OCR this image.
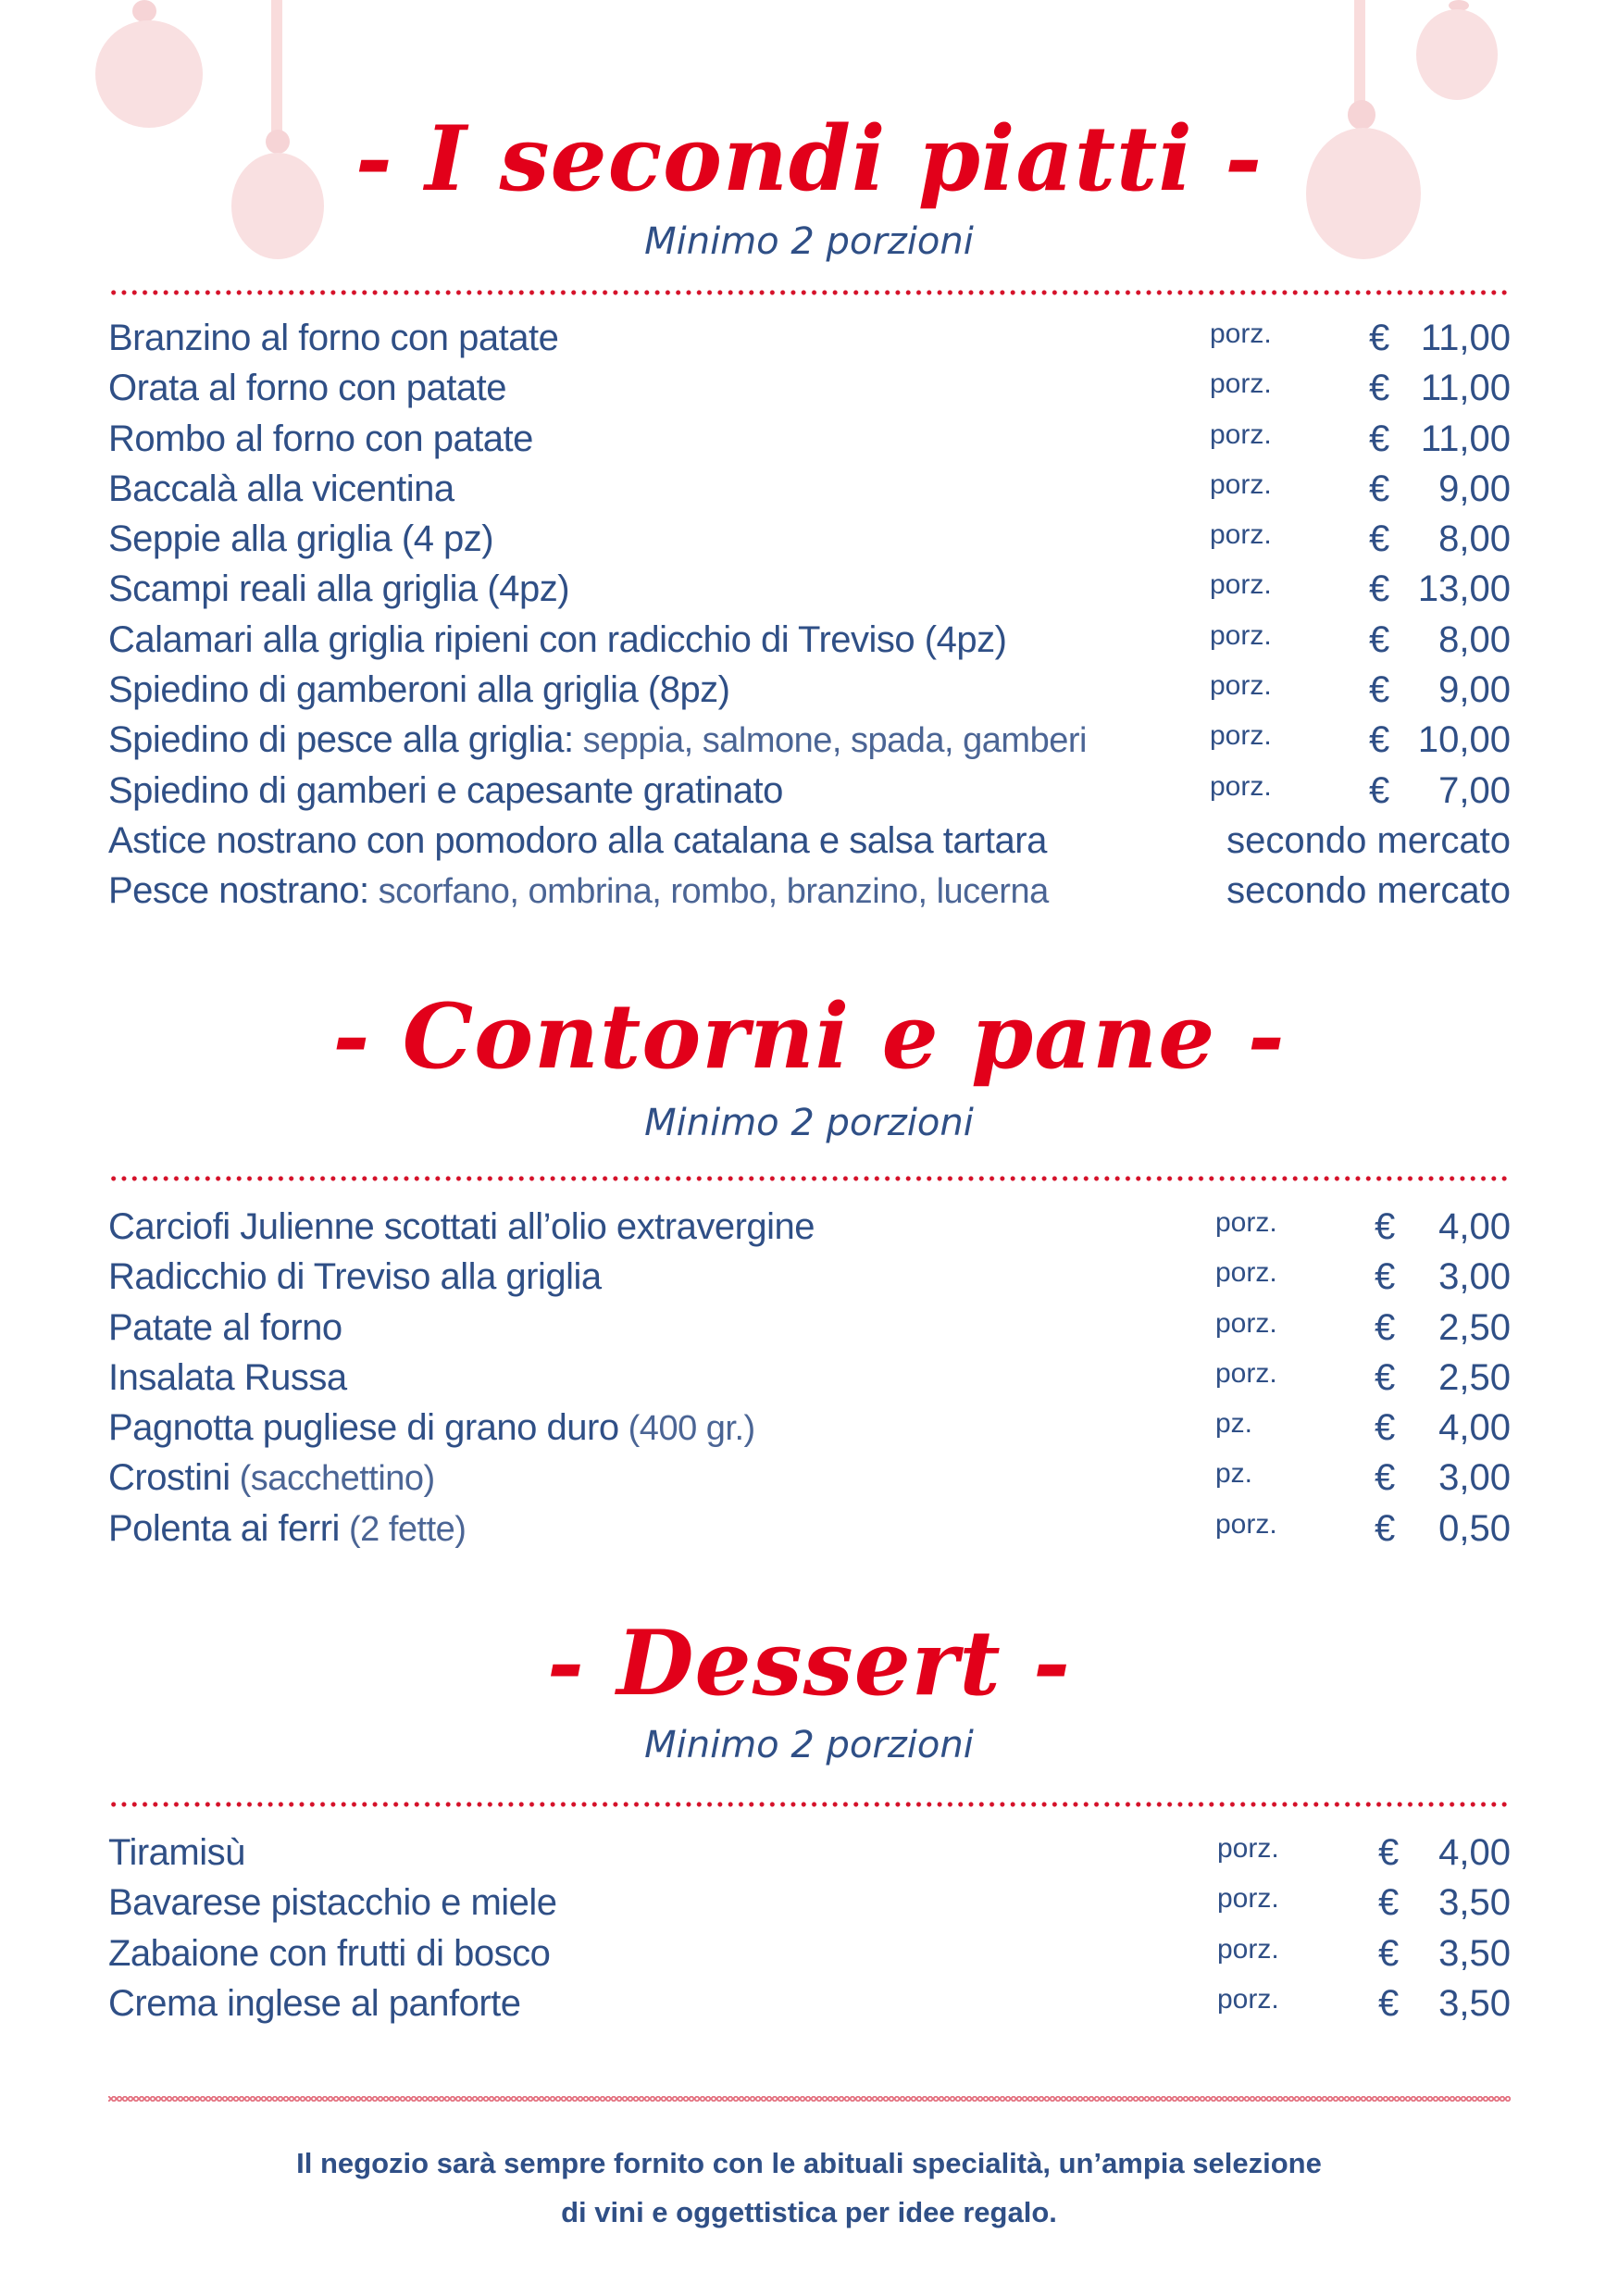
- I secondi piatti -
Minimo 2 porzioni
Branzino al forno con patate	porz.	€ 11,00
Orata al forno con patate	porz.	€ 11,00
Rombo al forno con patate	porz.	€ 11,00
Baccalà alla vicentina	porz.	€ 9,00
Seppie alla griglia (4 pz)	porz.	€ 8,00
Scampi reali alla griglia (4pz)	porz.	€ 13,00
Calamari alla griglia ripieni con radicchio di Treviso (4pz)	porz.	€ 8,00
Spiedino di gamberoni alla griglia (8pz)	porz.	€ 9,00
Spiedino di pesce alla griglia: seppia, salmone, spada, gamberi	porz.	€ 10,00
Spiedino di gamberi e capesante gratinato	porz.	€ 7,00
Astice nostrano con pomodoro alla catalana e salsa tartara	secondo mercato
Pesce nostrano: scorfano, ombrina, rombo, branzino, lucerna	secondo mercato
- Contorni e pane -
Minimo 2 porzioni
Carciofi Julienne scottati all’olio extravergine	porz.	€ 4,00
Radicchio di Treviso alla griglia	porz.	€ 3,00
Patate al forno	porz.	€ 2,50
Insalata Russa	porz.	€ 2,50
Pagnotta pugliese di grano duro (400 gr.)	pz.	€ 4,00
Crostini (sacchettino)	pz.	€ 3,00
Polenta ai ferri (2 fette)	porz.	€ 0,50
- Dessert -
Minimo 2 porzioni
Tiramisù	porz.	€ 4,00
Bavarese pistacchio e miele	porz.	€ 3,50
Zabaione con frutti di bosco	porz.	€ 3,50
Crema inglese al panforte	porz.	€ 3,50
Il negozio sarà sempre fornito con le abituali specialità, un’ampia selezione
di vini e oggettistica per idee regalo.
